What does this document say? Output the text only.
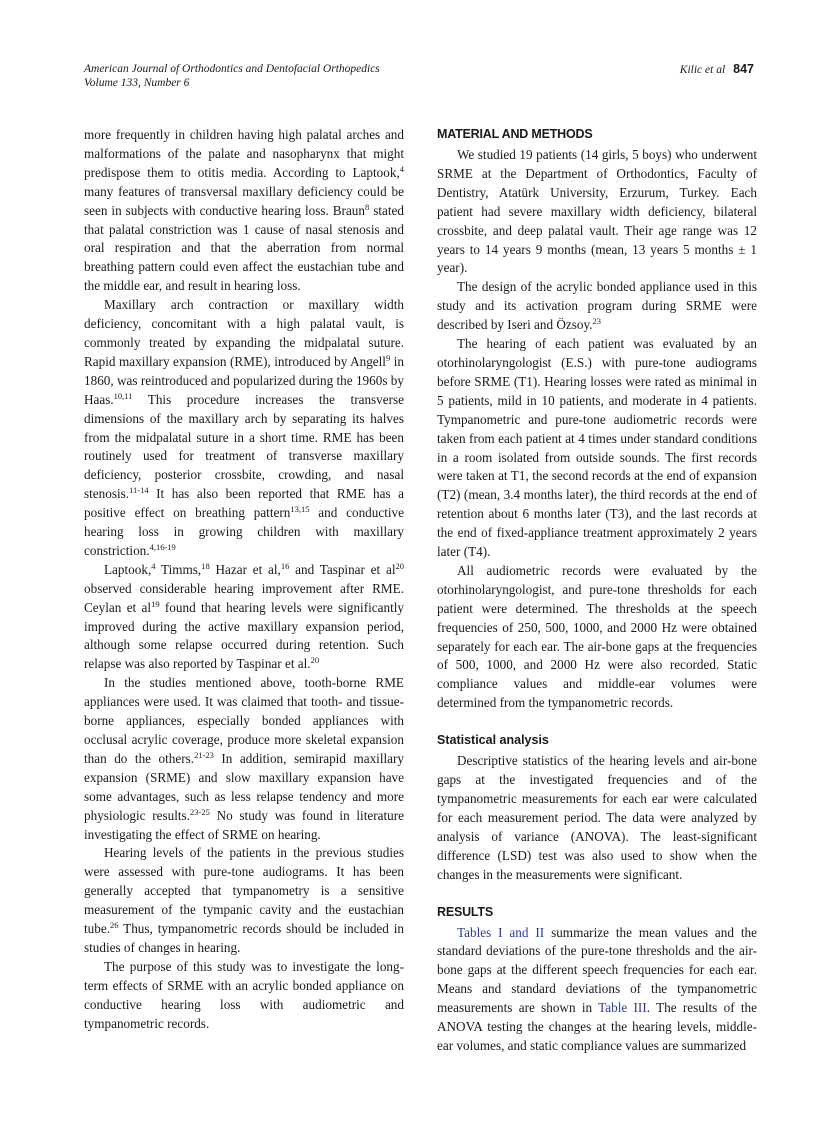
American Journal of Orthodontics and Dentofacial Orthopedics
Volume 133, Number 6
Kilic et al 847

more frequently in children having high palatal arches and malformations of the palate and nasopharynx that might predispose them to otitis media. According to Laptook,$^4$ many features of transversal maxillary deficiency could be seen in subjects with conductive hearing loss. Braun$^8$ stated that palatal constriction was 1 cause of nasal stenosis and oral respiration and that the aberration from normal breathing pattern could even affect the eustachian tube and the middle ear, and result in hearing loss.

Maxillary arch contraction or maxillary width deficiency, concomitant with a high palatal vault, is commonly treated by expanding the midpalatal suture. Rapid maxillary expansion (RME), introduced by Angell$^9$ in 1860, was reintroduced and popularized during the 1960s by Haas.$^{10,11}$ This procedure increases the transverse dimensions of the maxillary arch by separating its halves from the midpalatal suture in a short time. RME has been routinely used for treatment of transverse maxillary deficiency, posterior crossbite, crowding, and nasal stenosis.$^{11-14}$ It has also been reported that RME has a positive effect on breathing pattern$^{13,15}$ and conductive hearing loss in growing children with maxillary constriction.$^{4,16-19}$

Laptook,$^4$ Timms,$^{18}$ Hazar et al,$^{16}$ and Taspinar et $al^{20}$ observed considerable hearing improvement after RME. Ceylan et $al^{19}$ found that hearing levels were significantly improved during the active maxillary expansion period, although some relapse occurred during retention. Such relapse was also reported by Taspinar et al.$^{20}$

In the studies mentioned above, tooth-borne RME appliances were used. It was claimed that tooth- and tissue-borne appliances, especially bonded appliances with occlusal acrylic coverage, produce more skeletal expansion than do the others.$^{21-23}$ In addition, semirapid maxillary expansion (SRME) and slow maxillary expansion have some advantages, such as less relapse tendency and more physiologic results.$^{23-25}$ No study was found in literature investigating the effect of SRME on hearing.

Hearing levels of the patients in the previous studies were assessed with pure-tone audiograms. It has been generally accepted that tympanometry is a sensitive measurement of the tympanic cavity and the eustachian tube.$^{26}$ Thus, tympanometric records should be included in studies of changes in hearing.

The purpose of this study was to investigate the long-term effects of SRME with an acrylic bonded appliance on conductive hearing loss with audiometric and tympanometric records.

MATERIAL AND METHODS

We studied 19 patients (14 girls, 5 boys) who underwent SRME at the Department of Orthodontics, Faculty of Dentistry, Atatürk University, Erzurum, Turkey. Each patient had severe maxillary width deficiency, bilateral crossbite, and deep palatal vault. Their age range was 12 years to 14 years 9 months (mean, 13 years 5 months ± 1 year).

The design of the acrylic bonded appliance used in this study and its activation program during SRME were described by Iseri and Özsoy.$^{23}$

The hearing of each patient was evaluated by an otorhinolaryngologist (E.S.) with pure-tone audiograms before SRME (T1). Hearing losses were rated as minimal in 5 patients, mild in 10 patients, and moderate in 4 patients. Tympanometric and pure-tone audiometric records were taken from each patient at 4 times under standard conditions in a room isolated from outside sounds. The first records were taken at T1, the second records at the end of expansion (T2) (mean, 3.4 months later), the third records at the end of retention about 6 months later (T3), and the last records at the end of fixed-appliance treatment approximately 2 years later (T4).

All audiometric records were evaluated by the otorhinolaryngologist, and pure-tone thresholds for each patient were determined. The thresholds at the speech frequencies of 250, 500, 1000, and 2000 Hz were obtained separately for each ear. The air-bone gaps at the frequencies of 500, 1000, and 2000 Hz were also recorded. Static compliance values and middle-ear volumes were determined from the tympanometric records.

Statistical analysis

Descriptive statistics of the hearing levels and air-bone gaps at the investigated frequencies and of the tympanometric measurements for each ear were calculated for each measurement period. The data were analyzed by analysis of variance (ANOVA). The least-significant difference (LSD) test was also used to show when the changes in the measurements were significant.

RESULTS

Tables I and II summarize the mean values and the standard deviations of the pure-tone thresholds and the air-bone gaps at the different speech frequencies for each ear. Means and standard deviations of the tympanometric measurements are shown in Table III. The results of the ANOVA testing the changes at the hearing levels, middle-ear volumes, and static compliance values are summarized
